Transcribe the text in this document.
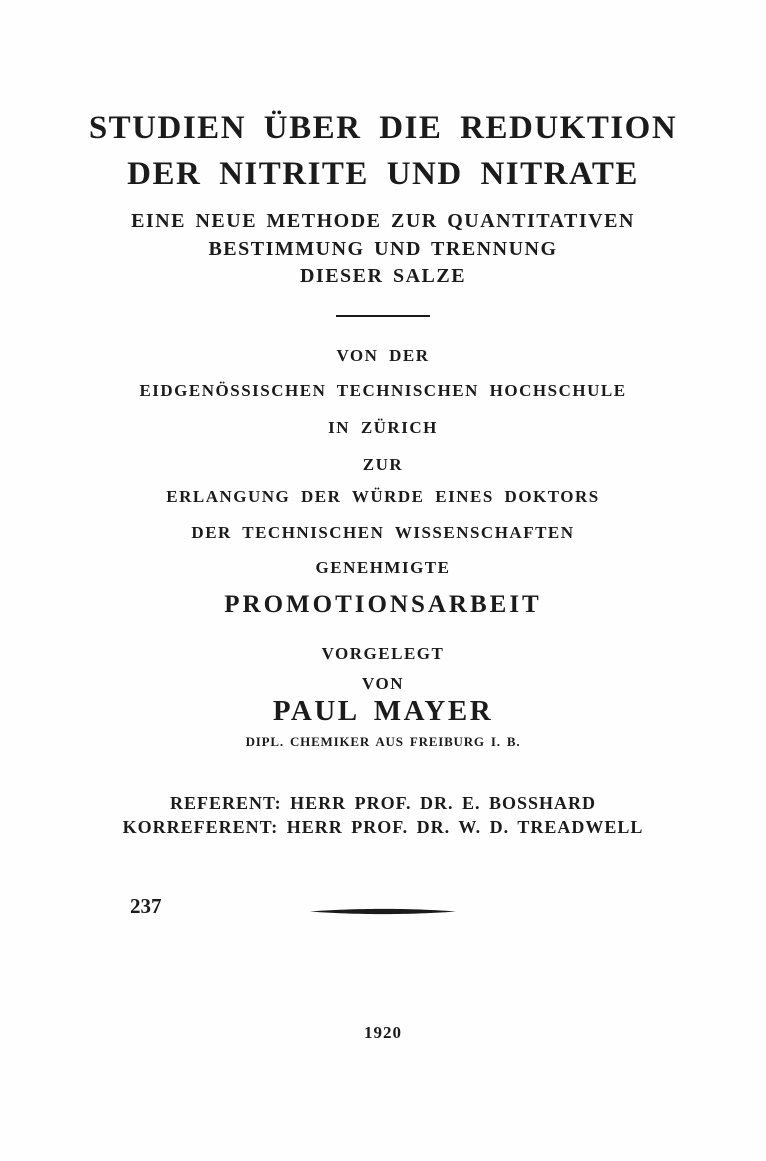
STUDIEN ÜBER DIE REDUKTION
DER NITRITE UND NITRATE
EINE NEUE METHODE ZUR QUANTITATIVEN
BESTIMMUNG UND TRENNUNG
DIESER SALZE
VON DER
EIDGENÖSSISCHEN TECHNISCHEN HOCHSCHULE
IN ZÜRICH
ZUR
ERLANGUNG DER WÜRDE EINES DOKTORS
DER TECHNISCHEN WISSENSCHAFTEN
GENEHMIGTE
PROMOTIONSARBEIT
VORGELEGT
VON
PAUL MAYER
DIPL. CHEMIKER AUS FREIBURG I. B.
REFERENT: HERR PROF. DR. E. BOSSHARD
KORREFERENT: HERR PROF. DR. W. D. TREADWELL
237
1920
